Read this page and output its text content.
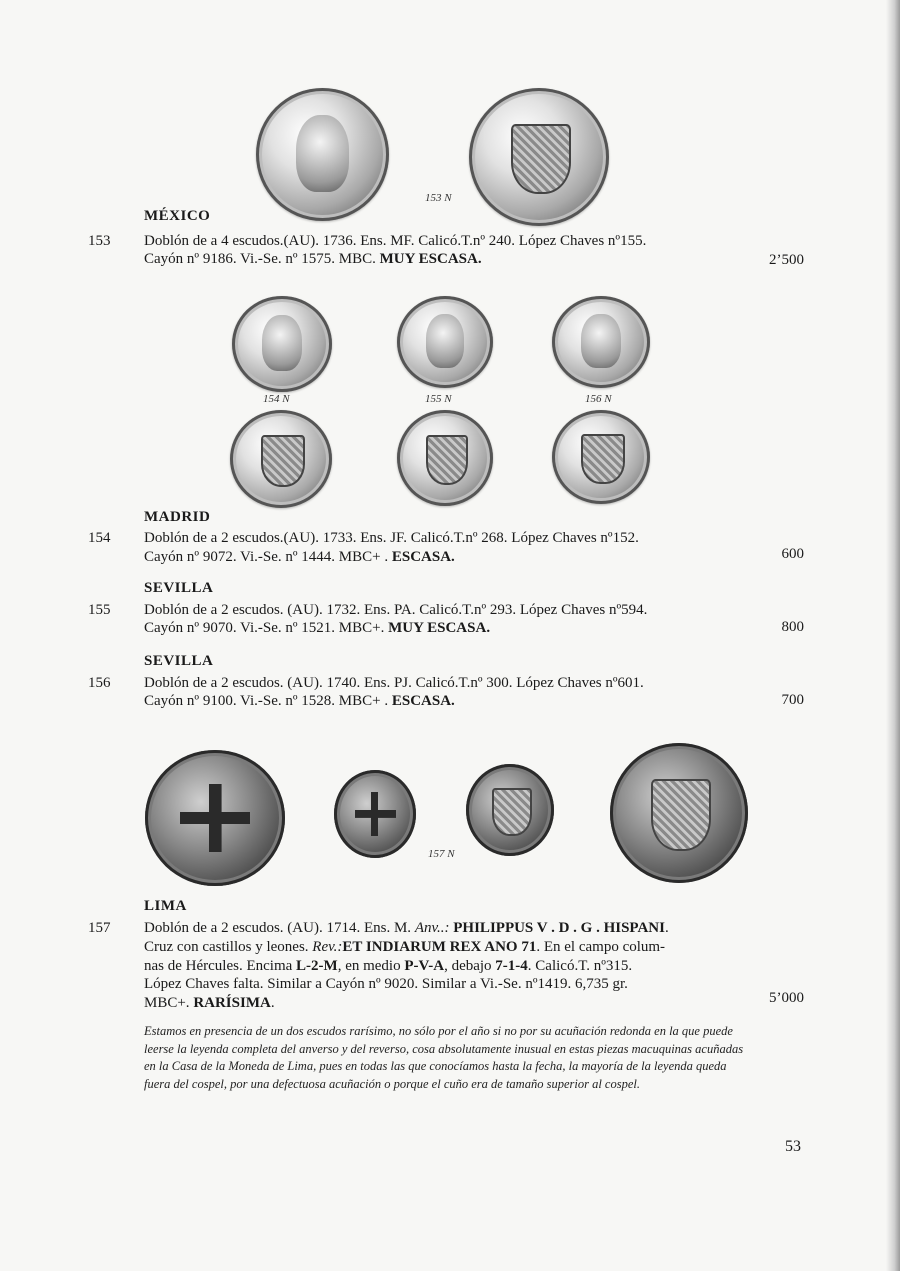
153 N
MÉXICO
153 Doblón de a 4 escudos.(AU). 1736. Ens. MF. Calicó.T.nº 240. López Chaves nº155.
Cayón nº 9186. Vi.-Se. nº 1575. MBC. MUY ESCASA.	2’500
154 N	155 N	156 N
MADRID
154 Doblón de a 2 escudos.(AU). 1733. Ens. JF. Calicó.T.nº 268. López Chaves nº152.
Cayón nº 9072. Vi.-Se. nº 1444. MBC+ . ESCASA.	600
SEVILLA
155 Doblón de a 2 escudos. (AU). 1732. Ens. PA. Calicó.T.nº 293. López Chaves nº594.
Cayón nº 9070. Vi.-Se. nº 1521. MBC+. MUY ESCASA.	800
SEVILLA
156 Doblón de a 2 escudos. (AU). 1740. Ens. PJ. Calicó.T.nº 300. López Chaves nº601.
Cayón nº 9100. Vi.-Se. nº 1528. MBC+ . ESCASA.	700
157 N
LIMA
157 Doblón de a 2 escudos. (AU). 1714. Ens. M. Anv..: PHILIPPUS V . D . G . HISPANI.
Cruz con castillos y leones. Rev.:ET INDIARUM REX ANO 71. En el campo colum-
nas de Hércules. Encima L-2-M, en medio P-V-A, debajo 7-1-4. Calicó.T. nº315.
López Chaves falta. Similar a Cayón nº 9020. Similar a Vi.-Se. nº1419. 6,735 gr.
MBC+. RARÍSIMA.	5’000
Estamos en presencia de un dos escudos rarísimo, no sólo por el año si no por su acuñación redonda en la que puede leerse la leyenda completa del anverso y del reverso, cosa absolutamente inusual en estas piezas macuquinas acuñadas en la Casa de la Moneda de Lima, pues en todas las que conocíamos hasta la fecha, la mayoría de la leyenda queda fuera del cospel, por una defectuosa acuñación o porque el cuño era de tamaño superior al cospel.
53
